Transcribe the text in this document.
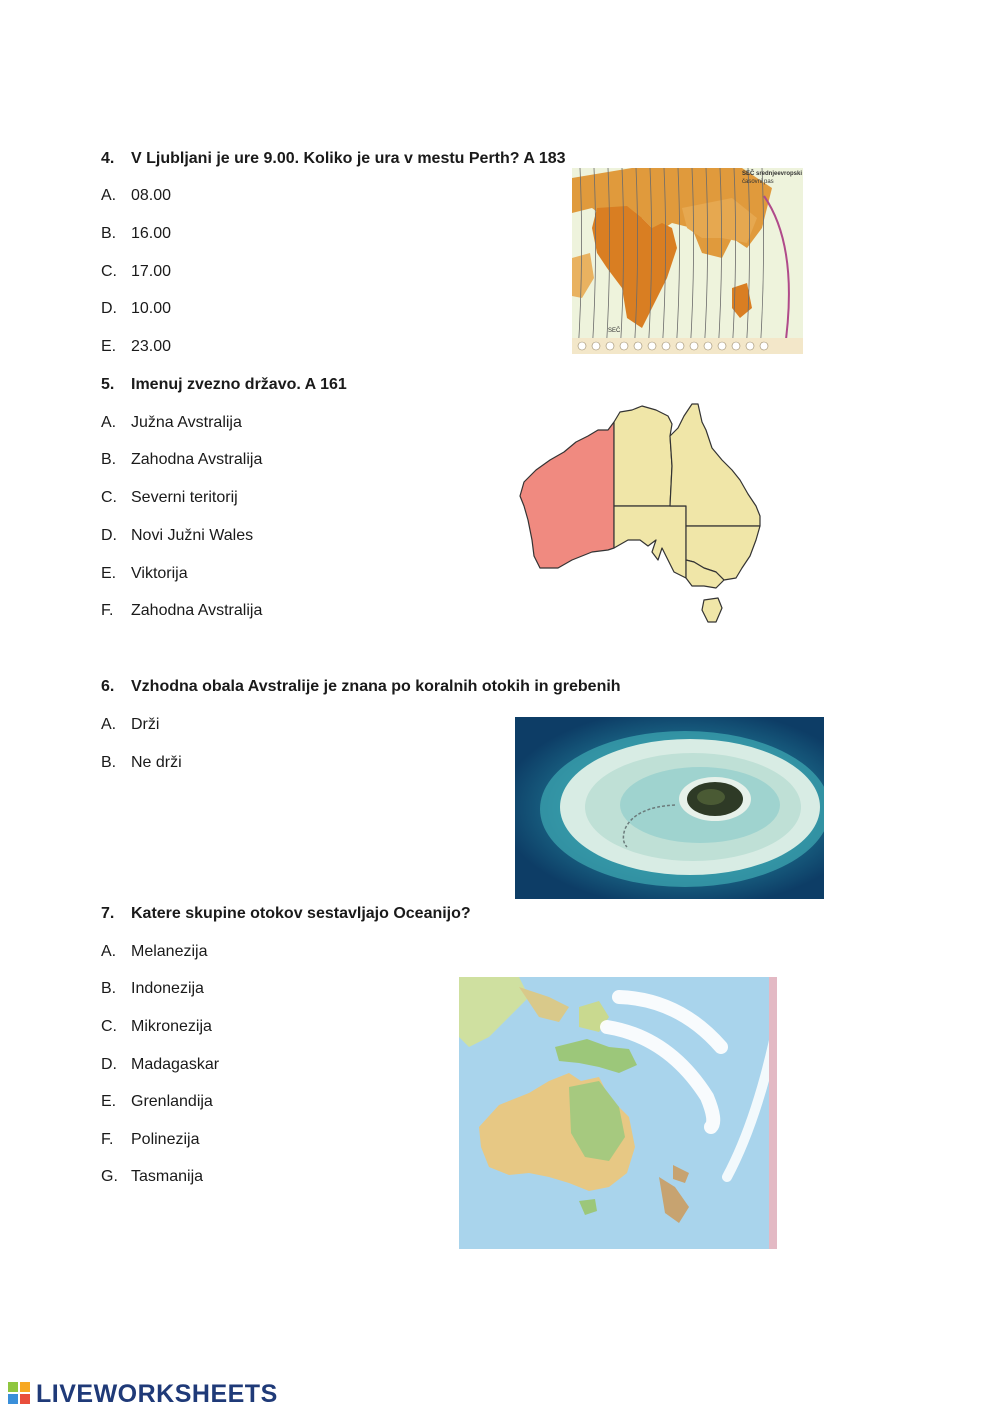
4. V Ljubljani je ure 9.00. Koliko je ura v mestu Perth? A 183
A. 08.00
B. 16.00
C. 17.00
D. 10.00
E. 23.00
SEČ srednjeevropski
časovni pas
SEČ
5. Imenuj zvezno državo. A 161
A. Južna Avstralija
B. Zahodna Avstralija
C. Severni teritorij
D. Novi Južni Wales
E. Viktorija
F. Zahodna Avstralija
6. Vzhodna obala Avstralije je znana po koralnih otokih in grebenih
A. Drži
B. Ne drži
7. Katere skupine otokov sestavljajo Oceanijo?
A. Melanezija
B. Indonezija
C. Mikronezija
D. Madagaskar
E. Grenlandija
F. Polinezija
G. Tasmanija
LIVEWORKSHEETS
